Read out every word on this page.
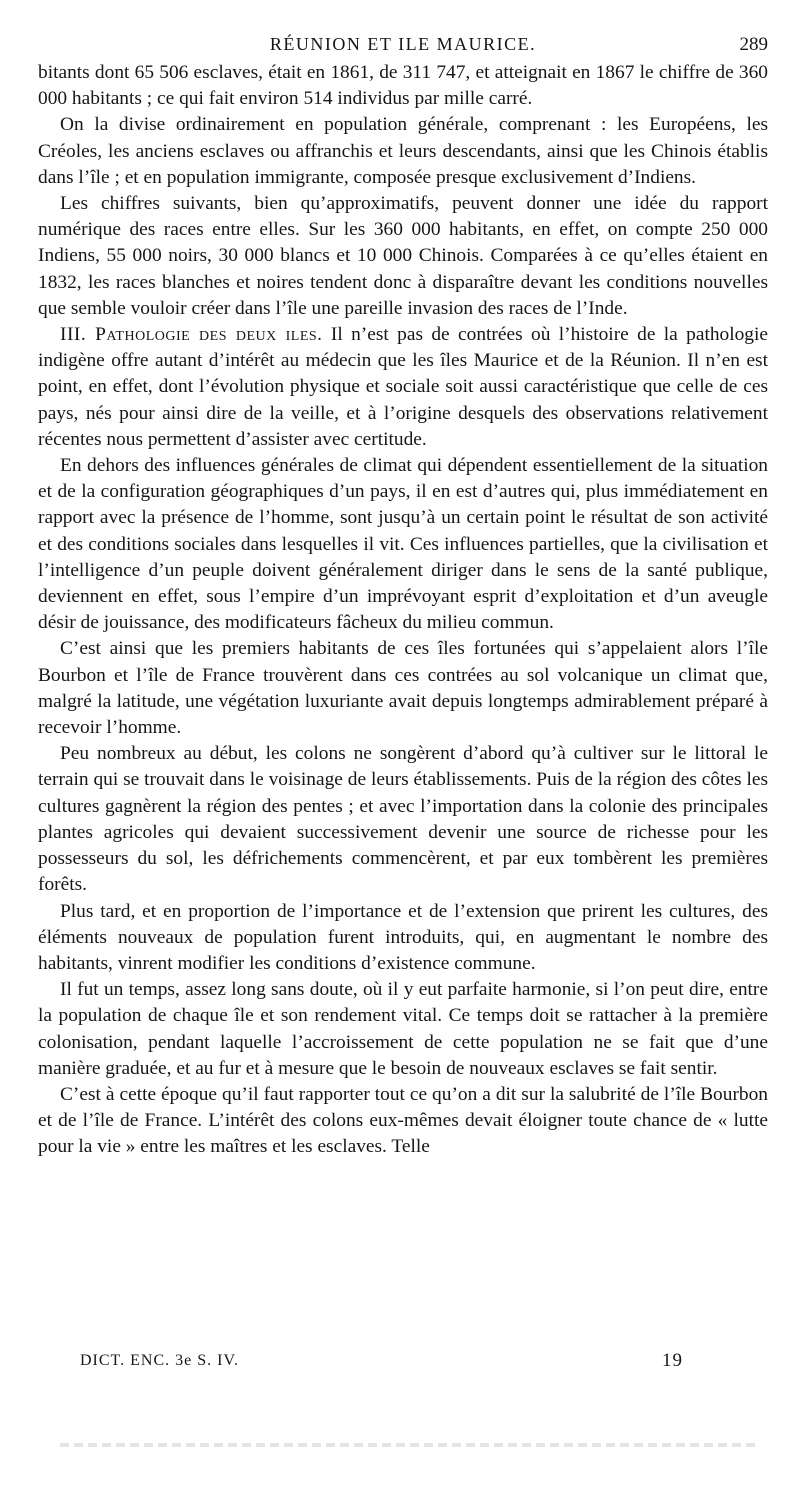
RÉUNION ET ILE MAURICE.	289

bitants dont 65 506 esclaves, était en 1861, de 311 747, et atteignait en 1867 le chiffre de 360 000 habitants ; ce qui fait environ 514 individus par mille carré.

On la divise ordinairement en population générale, comprenant : les Européens, les Créoles, les anciens esclaves ou affranchis et leurs descendants, ainsi que les Chinois établis dans l’île ; et en population immigrante, composée presque exclusivement d’Indiens.

Les chiffres suivants, bien qu’approximatifs, peuvent donner une idée du rapport numérique des races entre elles. Sur les 360 000 habitants, en effet, on compte 250 000 Indiens, 55 000 noirs, 30 000 blancs et 10 000 Chinois. Comparées à ce qu’elles étaient en 1832, les races blanches et noires tendent donc à disparaître devant les conditions nouvelles que semble vouloir créer dans l’île une pareille invasion des races de l’Inde.

III. Pathologie des deux iles. Il n’est pas de contrées où l’histoire de la pathologie indigène offre autant d’intérêt au médecin que les îles Maurice et de la Réunion. Il n’en est point, en effet, dont l’évolution physique et sociale soit aussi caractéristique que celle de ces pays, nés pour ainsi dire de la veille, et à l’origine desquels des observations relativement récentes nous permettent d’assister avec certitude.

En dehors des influences générales de climat qui dépendent essentiellement de la situation et de la configuration géographiques d’un pays, il en est d’autres qui, plus immédiatement en rapport avec la présence de l’homme, sont jusqu’à un certain point le résultat de son activité et des conditions sociales dans lesquelles il vit. Ces influences partielles, que la civilisation et l’intelligence d’un peuple doivent généralement diriger dans le sens de la santé publique, deviennent en effet, sous l’empire d’un imprévoyant esprit d’exploitation et d’un aveugle désir de jouissance, des modificateurs fâcheux du milieu commun.

C’est ainsi que les premiers habitants de ces îles fortunées qui s’appelaient alors l’île Bourbon et l’île de France trouvèrent dans ces contrées au sol volcanique un climat que, malgré la latitude, une végétation luxuriante avait depuis longtemps admirablement préparé à recevoir l’homme.

Peu nombreux au début, les colons ne songèrent d’abord qu’à cultiver sur le littoral le terrain qui se trouvait dans le voisinage de leurs établissements. Puis de la région des côtes les cultures gagnèrent la région des pentes ; et avec l’importation dans la colonie des principales plantes agricoles qui devaient successivement devenir une source de richesse pour les possesseurs du sol, les défrichements commencèrent, et par eux tombèrent les premières forêts.

Plus tard, et en proportion de l’importance et de l’extension que prirent les cultures, des éléments nouveaux de population furent introduits, qui, en augmentant le nombre des habitants, vinrent modifier les conditions d’existence commune.

Il fut un temps, assez long sans doute, où il y eut parfaite harmonie, si l’on peut dire, entre la population de chaque île et son rendement vital. Ce temps doit se rattacher à la première colonisation, pendant laquelle l’accroissement de cette population ne se fait que d’une manière graduée, et au fur et à mesure que le besoin de nouveaux esclaves se fait sentir.

C’est à cette époque qu’il faut rapporter tout ce qu’on a dit sur la salubrité de l’île Bourbon et de l’île de France. L’intérêt des colons eux-mêmes devait éloigner toute chance de « lutte pour la vie » entre les maîtres et les esclaves. Telle

DICT. ENC. 3e S. IV.	19
